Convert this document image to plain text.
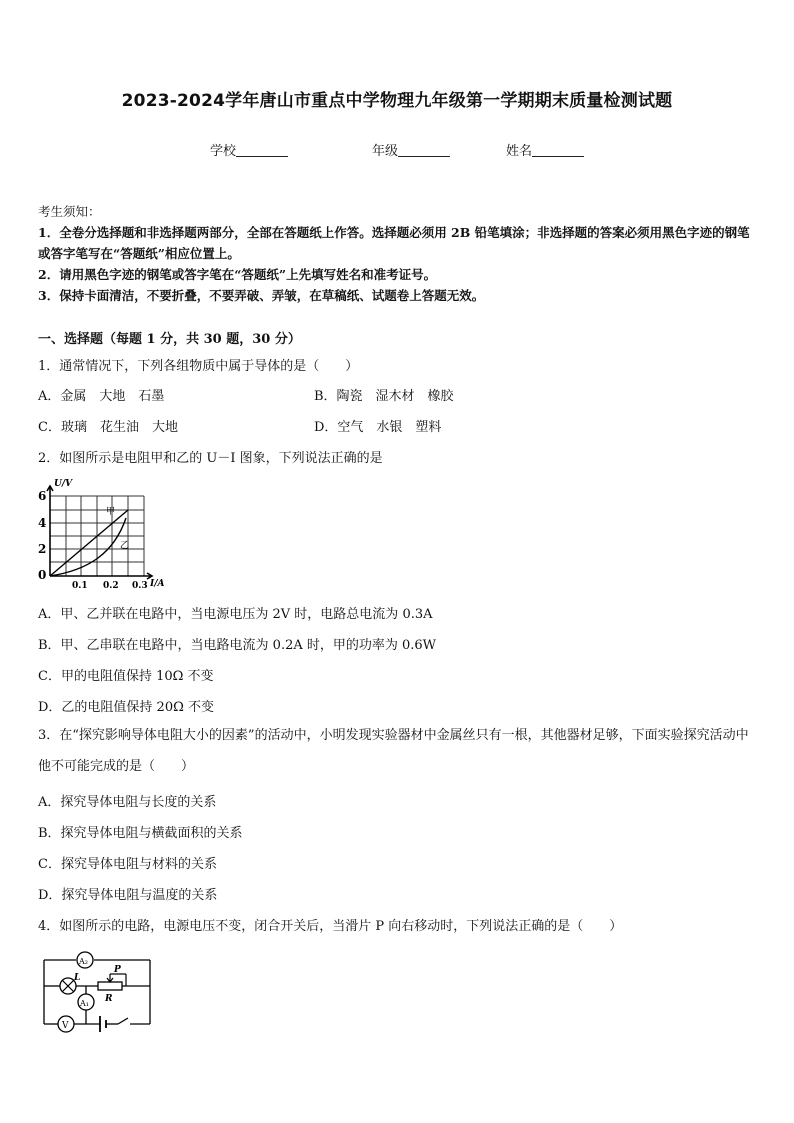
2023-2024学年唐山市重点中学物理九年级第一学期期末质量检测试题
学校	年级	姓名
考生须知：
1．全卷分选择题和非选择题两部分，全部在答题纸上作答。选择题必须用 2B 铅笔填涂；非选择题的答案必须用黑色字迹的钢笔或答字笔写在“答题纸”相应位置上。
2．请用黑色字迹的钢笔或答字笔在“答题纸”上先填写姓名和准考证号。
3．保持卡面清洁，不要折叠，不要弄破、弄皱，在草稿纸、试题卷上答题无效。
一、选择题（每题 1 分，共 30 题，30 分）
1．通常情况下，下列各组物质中属于导体的是（　　）
A．金属　大地　石墨	B．陶瓷　湿木材　橡胶
C．玻璃　花生油　大地	D．空气　水银　塑料
2．如图所示是电阻甲和乙的 U－I 图象，下列说法正确的是
U/V
0
2
4
6
0.1 0.2 0.3 I/A
甲
乙
A．甲、乙并联在电路中，当电源电压为 2V 时，电路总电流为 0.3A
B．甲、乙串联在电路中，当电路电流为 0.2A 时，甲的功率为 0.6W
C．甲的电阻值保持 10Ω 不变
D．乙的电阻值保持 20Ω 不变
3．在“探究影响导体电阻大小的因素”的活动中，小明发现实验器材中金属丝只有一根，其他器材足够，下面实验探究活动中他不可能完成的是（　　）
A．探究导体电阻与长度的关系
B．探究导体电阻与横截面积的关系
C．探究导体电阻与材料的关系
D．探究导体电阻与温度的关系
4．如图所示的电路，电源电压不变，闭合开关后，当滑片 P 向右移动时，下列说法正确的是（　　）
A₂
L
P
R
A₁
V
